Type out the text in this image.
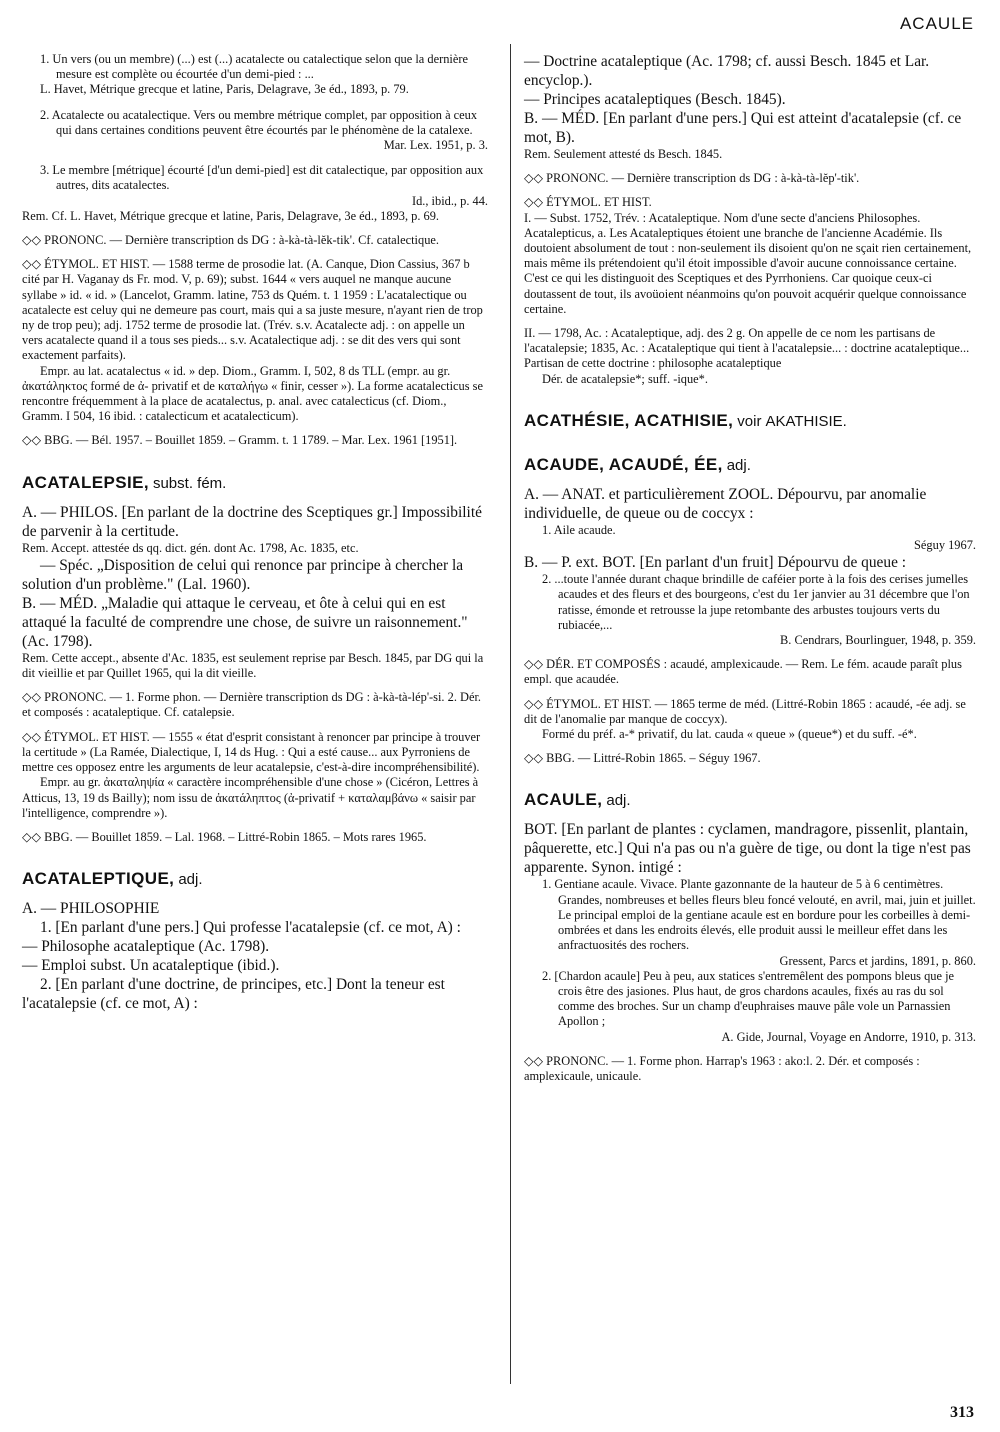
ACAULE

1. Un vers (ou un membre) (...) est (...) acatalecte ou catalectique selon que la dernière mesure est complète ou écourtée d'un demi-pied : ...

L. Havet, Métrique grecque et latine, Paris, Delagrave, 3e éd., 1893, p. 79.

2. Acatalecte ou acatalectique. Vers ou membre métrique complet, par opposition à ceux qui dans certaines conditions peuvent être écourtés par le phénomène de la catalexe.

Mar. Lex. 1951, p. 3.

3. Le membre [métrique] écourté [d'un demi-pied] est dit catalectique, par opposition aux autres, dits acatalectes.

Id., ibid., p. 44.

Rem. Cf. L. Havet, Métrique grecque et latine, Paris, Delagrave, 3e éd., 1893, p. 69.

◇◇ PRONONC. — Dernière transcription ds DG : à-kà-tà-lĕk-tik'. Cf. catalectique.

◇◇ ÉTYMOL. ET HIST. — 1588 terme de prosodie lat. (A. Canque, Dion Cassius, 367 b cité par H. Vaganay ds Fr. mod. V, p. 69); subst. 1644 « vers auquel ne manque aucune syllabe » id. « id. » (Lancelot, Gramm. latine, 753 ds Quém. t. 1 1959 : L'acatalectique ou acatalecte est celuy qui ne demeure pas court, mais qui a sa juste mesure, n'ayant rien de trop ny de trop peu); adj. 1752 terme de prosodie lat. (Trév. s.v. Acatalecte adj. : on appelle un vers acatalecte quand il a tous ses pieds... s.v. Acatalectique adj. : se dit des vers qui sont exactement parfaits).

Empr. au lat. acatalectus « id. » dep. Diom., Gramm. I, 502, 8 ds TLL (empr. au gr. ἀκατάληκτος formé de ἀ- privatif et de καταλήγω « finir, cesser »). La forme acatalecticus se rencontre fréquemment à la place de acatalectus, p. anal. avec catalecticus (cf. Diom., Gramm. I 504, 16 ibid. : catalecticum et acatalecticum).

◇◇ BBG. — Bél. 1957. – Bouillet 1859. – Gramm. t. 1 1789. – Mar. Lex. 1961 [1951].

ACATALEPSIE, subst. fém.

A. — PHILOS. [En parlant de la doctrine des Sceptiques gr.] Impossibilité de parvenir à la certitude.

Rem. Accept. attestée ds qq. dict. gén. dont Ac. 1798, Ac. 1835, etc.

— Spéc. „Disposition de celui qui renonce par principe à chercher la solution d'un problème." (Lal. 1960).

B. — MÉD. „Maladie qui attaque le cerveau, et ôte à celui qui en est attaqué la faculté de comprendre une chose, de suivre un raisonnement." (Ac. 1798).

Rem. Cette accept., absente d'Ac. 1835, est seulement reprise par Besch. 1845, par DG qui la dit vieillie et par Quillet 1965, qui la dit vieille.

◇◇ PRONONC. — 1. Forme phon. — Dernière transcription ds DG : à-kà-tà-lép'-si. 2. Dér. et composés : acataleptique. Cf. catalepsie.

◇◇ ÉTYMOL. ET HIST. — 1555 « état d'esprit consistant à renoncer par principe à trouver la certitude » (La Ramée, Dialectique, I, 14 ds Hug. : Qui a esté cause... aux Pyrroniens de mettre ces opposez entre les arguments de leur acatalepsie, c'est-à-dire incompréhensibilité).

Empr. au gr. ἀκαταληψία « caractère incompréhensible d'une chose » (Cicéron, Lettres à Atticus, 13, 19 ds Bailly); nom issu de ἀκατάληπτος (ἀ-privatif + καταλαμβάνω « saisir par l'intelligence, comprendre »).

◇◇ BBG. — Bouillet 1859. – Lal. 1968. – Littré-Robin 1865. – Mots rares 1965.

ACATALEPTIQUE, adj.

A. — PHILOSOPHIE

1. [En parlant d'une pers.] Qui professe l'acatalepsie (cf. ce mot, A) :

— Philosophe acataleptique (Ac. 1798).

— Emploi subst. Un acataleptique (ibid.).

2. [En parlant d'une doctrine, de principes, etc.] Dont la teneur est l'acatalepsie (cf. ce mot, A) :

— Doctrine acataleptique (Ac. 1798; cf. aussi Besch. 1845 et Lar. encyclop.).

— Principes acataleptiques (Besch. 1845).

B. — MÉD. [En parlant d'une pers.] Qui est atteint d'acatalepsie (cf. ce mot, B).

Rem. Seulement attesté ds Besch. 1845.

◇◇ PRONONC. — Dernière transcription ds DG : à-kà-tà-lĕp'-tik'.

◇◇ ÉTYMOL. ET HIST.

I. — Subst. 1752, Trév. : Acataleptique. Nom d'une secte d'anciens Philosophes. Acatalepticus, a. Les Acataleptiques étoient une branche de l'ancienne Académie. Ils doutoient absolument de tout : non-seulement ils disoient qu'on ne sçait rien certainement, mais même ils prétendoient qu'il étoit impossible d'avoir aucune connoissance certaine. C'est ce qui les distinguoit des Sceptiques et des Pyrrhoniens. Car quoique ceux-ci doutassent de tout, ils avoüoient néanmoins qu'on pouvoit acquérir quelque connoissance certaine.

II. — 1798, Ac. : Acataleptique, adj. des 2 g. On appelle de ce nom les partisans de l'acatalepsie; 1835, Ac. : Acataleptique qui tient à l'acatalepsie... : doctrine acataleptique... Partisan de cette doctrine : philosophe acataleptique

Dér. de acatalepsie*; suff. -ique*.

ACATHÉSIE, ACATHISIE, voir AKATHISIE.

ACAUDE, ACAUDÉ, ÉE, adj.

A. — ANAT. et particulièrement ZOOL. Dépourvu, par anomalie individuelle, de queue ou de coccyx :

1. Aile acaude.

Séguy 1967.

B. — P. ext. BOT. [En parlant d'un fruit] Dépourvu de queue :

2. ...toute l'année durant chaque brindille de caféier porte à la fois des cerises jumelles acaudes et des fleurs et des bourgeons, c'est du 1er janvier au 31 décembre que l'on ratisse, émonde et retrousse la jupe retombante des arbustes toujours verts du rubiacée,...

B. Cendrars, Bourlinguer, 1948, p. 359.

◇◇ DÉR. ET COMPOSÉS : acaudé, amplexicaude. — Rem. Le fém. acaude paraît plus empl. que acaudée.

◇◇ ÉTYMOL. ET HIST. — 1865 terme de méd. (Littré-Robin 1865 : acaudé, -ée adj. se dit de l'anomalie par manque de coccyx).

Formé du préf. a-* privatif, du lat. cauda « queue » (queue*) et du suff. -é*.

◇◇ BBG. — Littré-Robin 1865. – Séguy 1967.

ACAULE, adj.

BOT. [En parlant de plantes : cyclamen, mandragore, pissenlit, plantain, pâquerette, etc.] Qui n'a pas ou n'a guère de tige, ou dont la tige n'est pas apparente. Synon. intigé :

1. Gentiane acaule. Vivace. Plante gazonnante de la hauteur de 5 à 6 centimètres. Grandes, nombreuses et belles fleurs bleu foncé velouté, en avril, mai, juin et juillet. Le principal emploi de la gentiane acaule est en bordure pour les corbeilles à demi-ombrées et dans les endroits élevés, elle produit aussi le meilleur effet dans les anfractuosités des rochers.

Gressent, Parcs et jardins, 1891, p. 860.

2. [Chardon acaule] Peu à peu, aux statices s'entremêlent des pompons bleus que je crois être des jasiones. Plus haut, de gros chardons acaules, fixés au ras du sol comme des broches. Sur un champ d'euphraises mauve pâle vole un Parnassien Apollon ;

A. Gide, Journal, Voyage en Andorre, 1910, p. 313.

◇◇ PRONONC. — 1. Forme phon. Harrap's 1963 : ako:l. 2. Dér. et composés : amplexicaule, unicaule.

313
